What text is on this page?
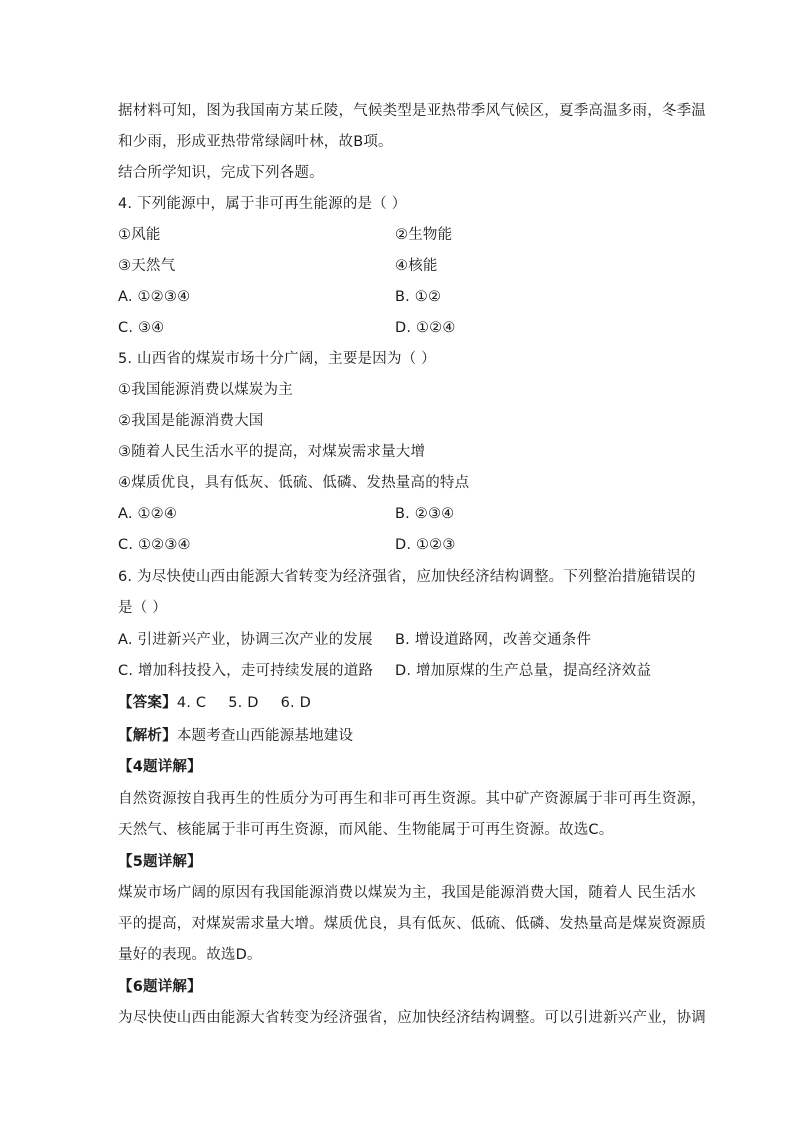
据材料可知，图为我国南方某丘陵，气候类型是亚热带季风气候区，夏季高温多雨，冬季温
和少雨，形成亚热带常绿阔叶林，故B项。
结合所学知识，完成下列各题。
4. 下列能源中，属于非可再生能源的是（ ）
①风能	②生物能
③天然气	④核能
A. ①②③④	B. ①②
C. ③④	D. ①②④
5. 山西省的煤炭市场十分广阔，主要是因为（ ）
①我国能源消费以煤炭为主
②我国是能源消费大国
③随着人民生活水平的提高，对煤炭需求量大增
④煤质优良，具有低灰、低硫、低磷、发热量高的特点
A. ①②④	B. ②③④
C. ①②③④	D. ①②③
6. 为尽快使山西由能源大省转变为经济强省，应加快经济结构调整。下列整治措施错误的
是（ ）
A. 引进新兴产业，协调三次产业的发展 B. 增设道路网，改善交通条件
C. 增加科技投入，走可持续发展的道路 D. 增加原煤的生产总量，提高经济效益
【答案】4. C 5. D 6. D
【解析】本题考查山西能源基地建设
【4题详解】
自然资源按自我再生的性质分为可再生和非可再生资源。其中矿产资源属于非可再生资源，
天然气、核能属于非可再生资源，而风能、生物能属于可再生资源。故选C。
【5题详解】
煤炭市场广阔的原因有我国能源消费以煤炭为主，我国是能源消费大国，随着人 民生活水
平的提高，对煤炭需求量大增。煤质优良，具有低灰、低硫、低磷、发热量高是煤炭资源质
量好的表现。故选D。
【6题详解】
为尽快使山西由能源大省转变为经济强省，应加快经济结构调整。可以引进新兴产业，协调
